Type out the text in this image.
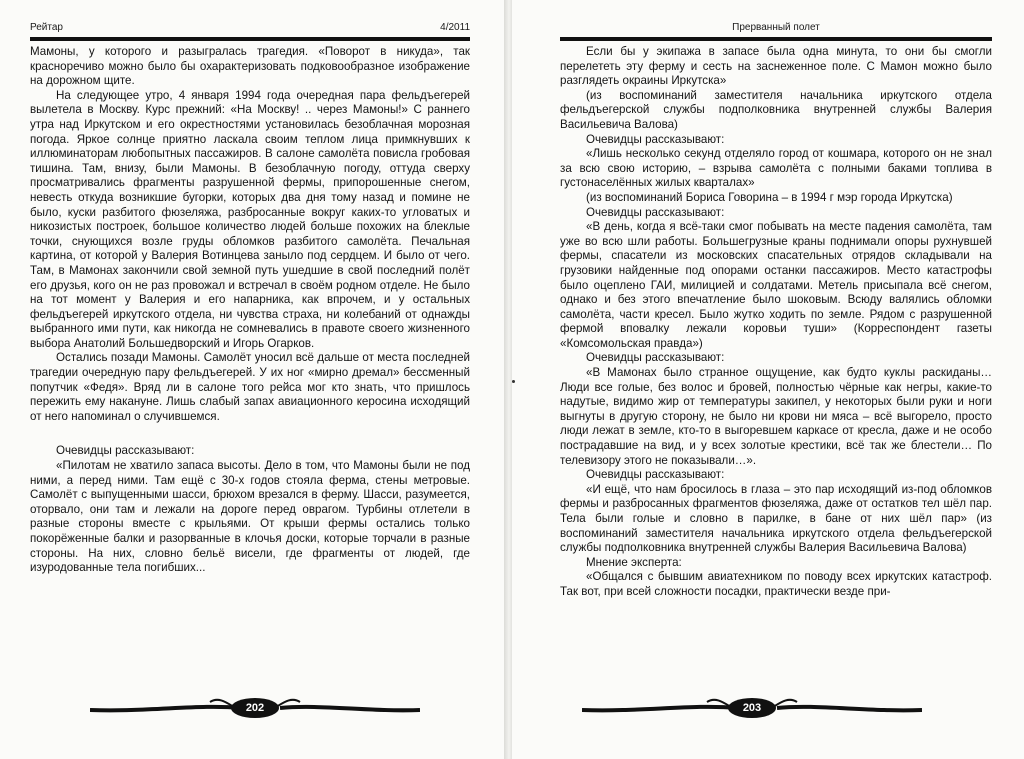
Рейтар	4/2011

Мамоны, у которого и разыгралась трагедия. «Поворот в никуда», так красноречиво можно было бы охарактеризовать подковообразное изображение на дорожном щите.

На следующее утро, 4 января 1994 года очередная пара фельдъегерей вылетела в Москву. Курс прежний: «На Москву! .. через Мамоны!» С раннего утра над Иркутском и его окрестностями установилась безоблачная морозная погода. Яркое солнце приятно ласкала своим теплом лица примкнувших к иллюминаторам любопытных пассажиров. В салоне самолёта повисла гробовая тишина. Там, внизу, были Мамоны. В безоблачную погоду, оттуда сверху просматривались фрагменты разрушенной фермы, припорошенные снегом, невесть откуда возникшие бугорки, которых два дня тому назад и помине не было, куски разбитого фюзеляжа, разбросанные вокруг каких-то угловатых и никозистых построек, большое количество людей больше похожих на блеклые точки, снующихся возле груды обломков разбитого самолёта. Печальная картина, от которой у Валерия Вотинцева заныло под сердцем. И было от чего. Там, в Мамонах закончили свой земной путь ушедшие в свой последний полёт его друзья, кого он не раз провожал и встречал в своём родном отделе. Не было на тот момент у Валерия и его напарника, как впрочем, и у остальных фельдъегерей иркутского отдела, ни чувства страха, ни колебаний от однажды выбранного ими пути, как никогда не сомневались в правоте своего жизненного выбора Анатолий Большедворский и Игорь Огарков.

Остались позади Мамоны. Самолёт уносил всё дальше от места последней трагедии очередную пару фельдъегерей. У их ног «мирно дремал» бессменный попутчик «Федя». Вряд ли в салоне того рейса мог кто знать, что пришлось пережить ему накануне. Лишь слабый запах авиационного керосина исходящий от него напоминал о случившемся.

Очевидцы рассказывают:

«Пилотам не хватило запаса высоты. Дело в том, что Мамоны были не под ними, а перед ними. Там ещё с 30-х годов стояла ферма, стены метровые. Самолёт с выпущенными шасси, брюхом врезался в ферму. Шасси, разумеется, оторвало, они там и лежали на дороге перед оврагом. Турбины отлетели в разные стороны вместе с крыльями. От крыши фермы остались только покорёженные балки и разорванные в клочья доски, которые торчали в разные стороны. На них, словно бельё висели, где фрагменты от людей, где изуродованные тела погибших...

202
Прерванный полет

Если бы у экипажа в запасе была одна минута, то они бы смогли перелететь эту ферму и сесть на заснеженное поле. С Мамон можно было разглядеть окраины Иркутска»

(из воспоминаний заместителя начальника иркутского отдела фельдъегерской службы подполковника внутренней службы Валерия Васильевича Валова)

Очевидцы рассказывают:

«Лишь несколько секунд отделяло город от кошмара, которого он не знал за всю свою историю, – взрыва самолёта с полными баками топлива в густонаселённых жилых кварталах»

(из воспоминаний Бориса Говорина – в 1994 г мэр города Иркутска)

Очевидцы рассказывают:

«В день, когда я всё-таки смог побывать на месте падения самолёта, там уже во всю шли работы. Большегрузные краны поднимали опоры рухнувшей фермы, спасатели из московских спасательных отрядов складывали на грузовики найденные под опорами останки пассажиров. Место катастрофы было оцеплено ГАИ, милицией и солдатами. Метель присыпала всё снегом, однако и без этого впечатление было шоковым. Всюду валялись обломки самолёта, части кресел. Было жутко ходить по земле. Рядом с разрушенной фермой вповалку лежали коровьи туши» (Корреспондент газеты «Комсомольская правда»)

Очевидцы рассказывают:

«В Мамонах было странное ощущение, как будто куклы раскиданы… Люди все голые, без волос и бровей, полностью чёрные как негры, какие-то надутые, видимо жир от температуры закипел, у некоторых были руки и ноги выгнуты в другую сторону, не было ни крови ни мяса – всё выгорело, просто люди лежат в земле, кто-то в выгоревшем каркасе от кресла, даже и не особо пострадавшие на вид, и у всех золотые крестики, всё так же блестели… По телевизору этого не показывали…».

Очевидцы рассказывают:

«И ещё, что нам бросилось в глаза – это пар исходящий из-под обломков фермы и разбросанных фрагментов фюзеляжа, даже от остатков тел шёл пар. Тела были голые и словно в парилке, в бане от них шёл пар» (из воспоминаний заместителя начальника иркутского отдела фельдъегерской службы подполковника внутренней службы Валерия Васильевича Валова)

Мнение эксперта:

«Общался с бывшим авиатехником по поводу всех иркутских катастроф. Так вот, при всей сложности посадки, практически везде при-

203
